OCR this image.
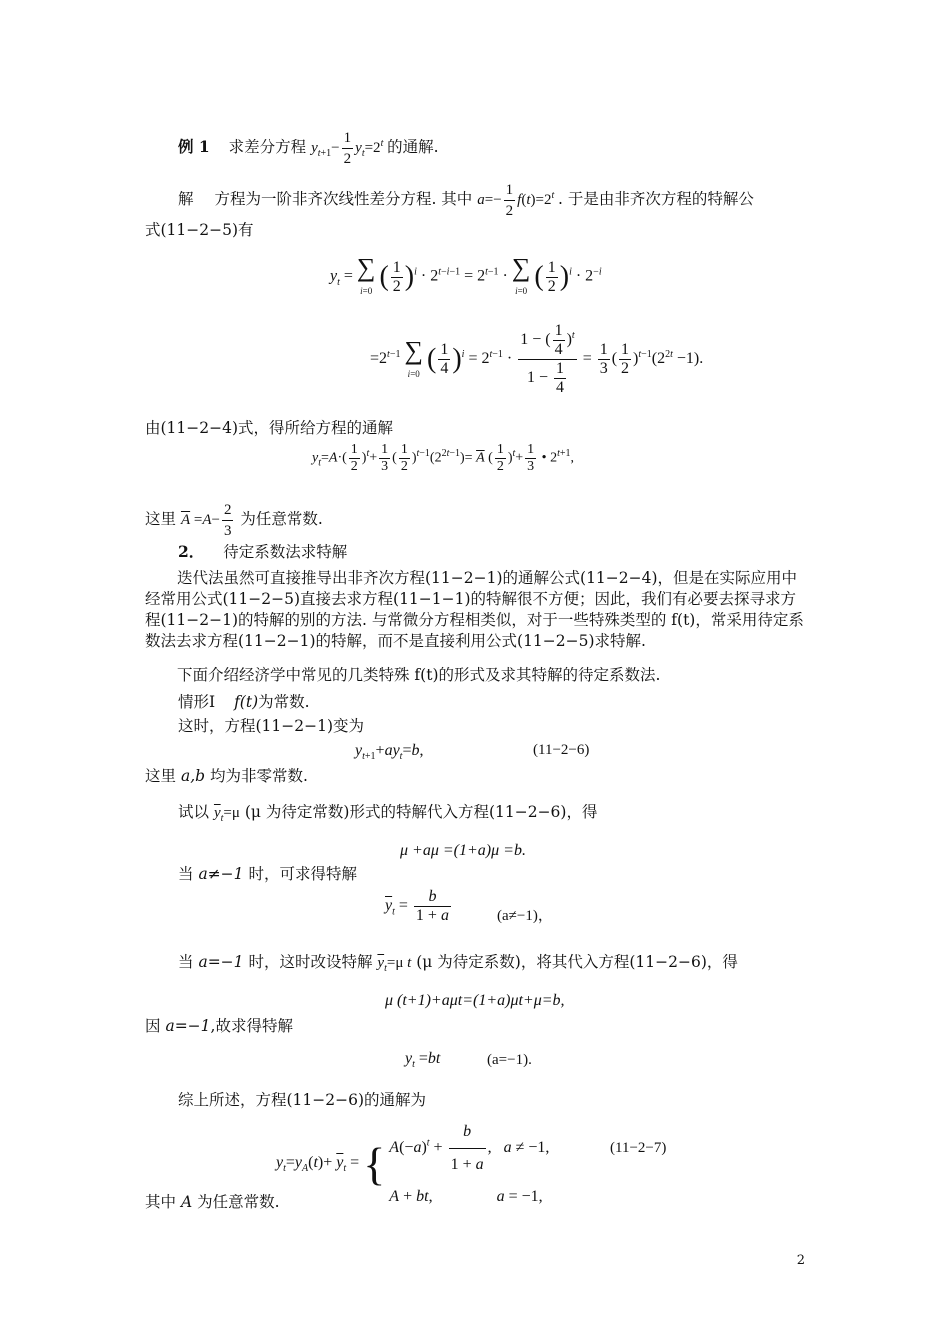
例 1 求差分方程 $y_{t+1}- \frac{1}{2} y_t=2^t$ 的通解.
解 方程为一阶非齐次线性差分方程. 其中 $a=- \frac{1}{2} f(t)=2^t$ . 于是由非齐次方程的特解公
式(11−2−5)有
$y_t$ = ∑
i=0 ( $\frac{1}{2} )^i \cdot 2^{t-i-1} = 2^{t-1}$ · ∑
i=0 ( $\frac{1}{2} )^i \cdot 2^{-i}$
$=2^{t-1}$ ∑
i=0 ( $\frac{1}{4} )^i = 2^{t-1} \cdot \frac{1 - ( \frac{1}{4} )^t}{1 - \frac{1}{4}} = \frac{1}{3}$ ( $\frac{1}{2} )^{t-1}(2^{2t} -1)$.
由(11−2−4)式，得所给方程的通解
$y_t=A\cdot( \frac{1}{2} )^t+ \frac{1}{3}$ ( $\frac{1}{2} )^{t-1}(2^{2t-1})= \overline{A}$ ( $\frac{1}{2} )^t+ \frac{1}{3}$ • $2^{t+1}$,
这里 $\overline{A} =A- \frac{2}{3}$ 为任意常数.
2． 待定系数法求特解
迭代法虽然可直接推导出非齐次方程(11−2−1)的通解公式(11−2−4)，但是在实际应用中经常用公式(11−2−5)直接去求方程(11−1−1)的特解很不方便；因此，我们有必要去探寻求方程(11−2−1)的特解的别的方法. 与常微分方程相类似，对于一些特殊类型的 f(t)，常采用待定系数法去求方程(11−2−1)的特解，而不是直接利用公式(11−2−5)求特解.
下面介绍经济学中常见的几类特殊 f(t)的形式及求其特解的待定系数法.
情形Ⅰ f(t)为常数.
这时，方程(11−2−1)变为
$y_{t+1}+ay_t=b$,	(11−2−6)
这里 a,b 均为非零常数.
试以 $\overline{y}_t=\mu$ (μ 为待定常数)形式的特解代入方程(11−2−6)，得
μ +aμ =(1+a)μ =b.
当 a≠−1 时，可求得特解
$\overline{y}_t = \frac{b}{1 + a}$	(a≠−1)，
当 a=−1 时，这时改设特解 $\overline{y}_t=\mu$ t (μ 为待定系数)，将其代入方程(11−2−6)，得
μ (t+1)+aμt=(1+a)μt+μ=b,
因 a=−1,故求得特解
$y_t =bt$	(a=−1).
综上所述，方程(11−2−6)的通解为
$y_t=y_A(t)+ \overline{y}_t$ = { $A(-a)^t + \frac{b}{1 + a}$ ,   a ≠ −1,
A + bt,                a = −1,
(11−2−7)
其中 A 为任意常数.
2
